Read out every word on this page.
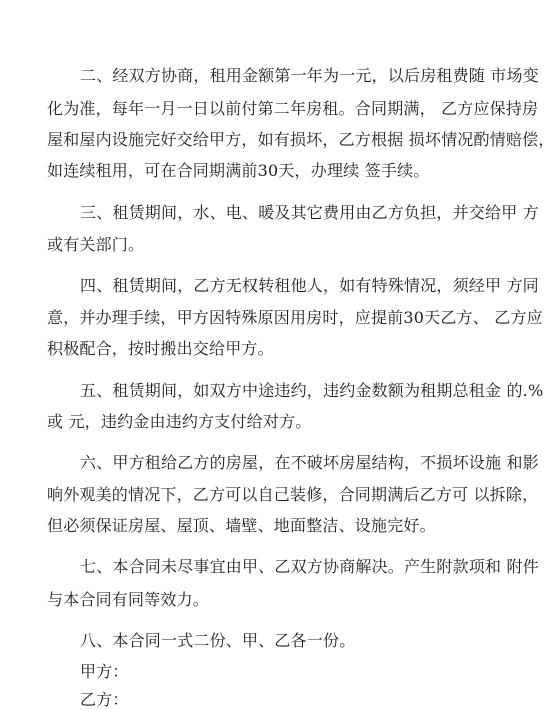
二、经双方协商，租用金额第一年为一元，以后房租费随 市场变
化为准，每年一月一日以前付第二年房租。合同期满， 乙方应保持房
屋和屋内设施完好交给甲方，如有损坏，乙方根据 损坏情况酌情赔偿，
如连续租用，可在合同期满前30天，办理续 签手续。
三、租赁期间，水、电、暖及其它费用由乙方负担，并交给甲 方
或有关部门。
四、租赁期间，乙方无权转租他人，如有特殊情况，须经甲 方同
意，并办理手续，甲方因特殊原因用房时，应提前30天乙方、 乙方应
积极配合，按时搬出交给甲方。
五、租赁期间，如双方中途违约，违约金数额为租期总租金 的.%
或 元，违约金由违约方支付给对方。
六、甲方租给乙方的房屋，在不破坏房屋结构，不损坏设施 和影
响外观美的情况下，乙方可以自己装修，合同期满后乙方可 以拆除，
但必须保证房屋、屋顶、墙壁、地面整洁、设施完好。
七、本合同未尽事宜由甲、乙双方协商解决。产生附款项和 附件
与本合同有同等效力。
八、本合同一式二份、甲、乙各一份。
甲方：
乙方：
